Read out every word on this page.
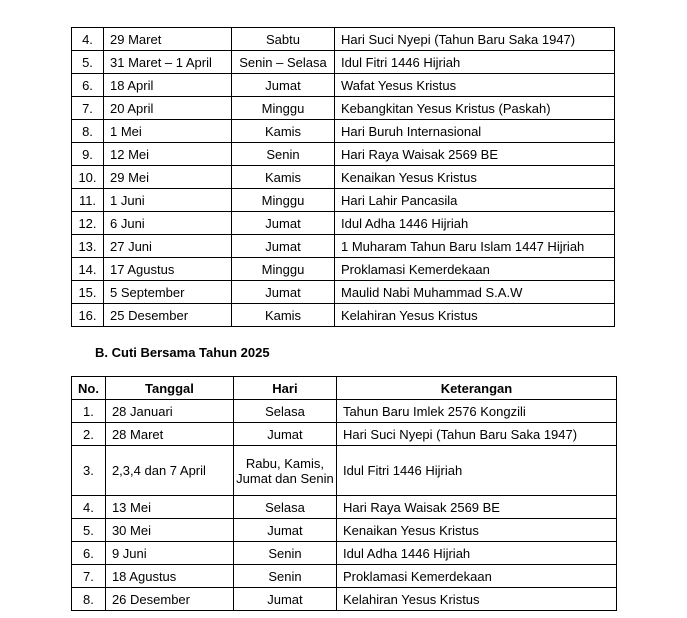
4.	29 Maret	Sabtu	Hari Suci Nyepi (Tahun Baru Saka 1947)
5.	31 Maret – 1 April	Senin – Selasa	Idul Fitri 1446 Hijriah
6.	18 April	Jumat	Wafat Yesus Kristus
7.	20 April	Minggu	Kebangkitan Yesus Kristus (Paskah)
8.	1 Mei	Kamis	Hari Buruh Internasional
9.	12 Mei	Senin	Hari Raya Waisak 2569 BE
10.	29 Mei	Kamis	Kenaikan Yesus Kristus
11.	1 Juni	Minggu	Hari Lahir Pancasila
12.	6 Juni	Jumat	Idul Adha 1446 Hijriah
13.	27 Juni	Jumat	1 Muharam Tahun Baru Islam 1447 Hijriah
14.	17 Agustus	Minggu	Proklamasi Kemerdekaan
15.	5 September	Jumat	Maulid Nabi Muhammad S.A.W
16.	25 Desember	Kamis	Kelahiran Yesus Kristus
B. Cuti Bersama Tahun 2025
No.	Tanggal	Hari	Keterangan
1.	28 Januari	Selasa	Tahun Baru Imlek 2576 Kongzili
2.	28 Maret	Jumat	Hari Suci Nyepi (Tahun Baru Saka 1947)
3.	2,3,4 dan 7 April	Rabu, Kamis, Jumat dan Senin	Idul Fitri 1446 Hijriah
4.	13 Mei	Selasa	Hari Raya Waisak 2569 BE
5.	30 Mei	Jumat	Kenaikan Yesus Kristus
6.	9 Juni	Senin	Idul Adha 1446 Hijriah
7.	18 Agustus	Senin	Proklamasi Kemerdekaan
8.	26 Desember	Jumat	Kelahiran Yesus Kristus
